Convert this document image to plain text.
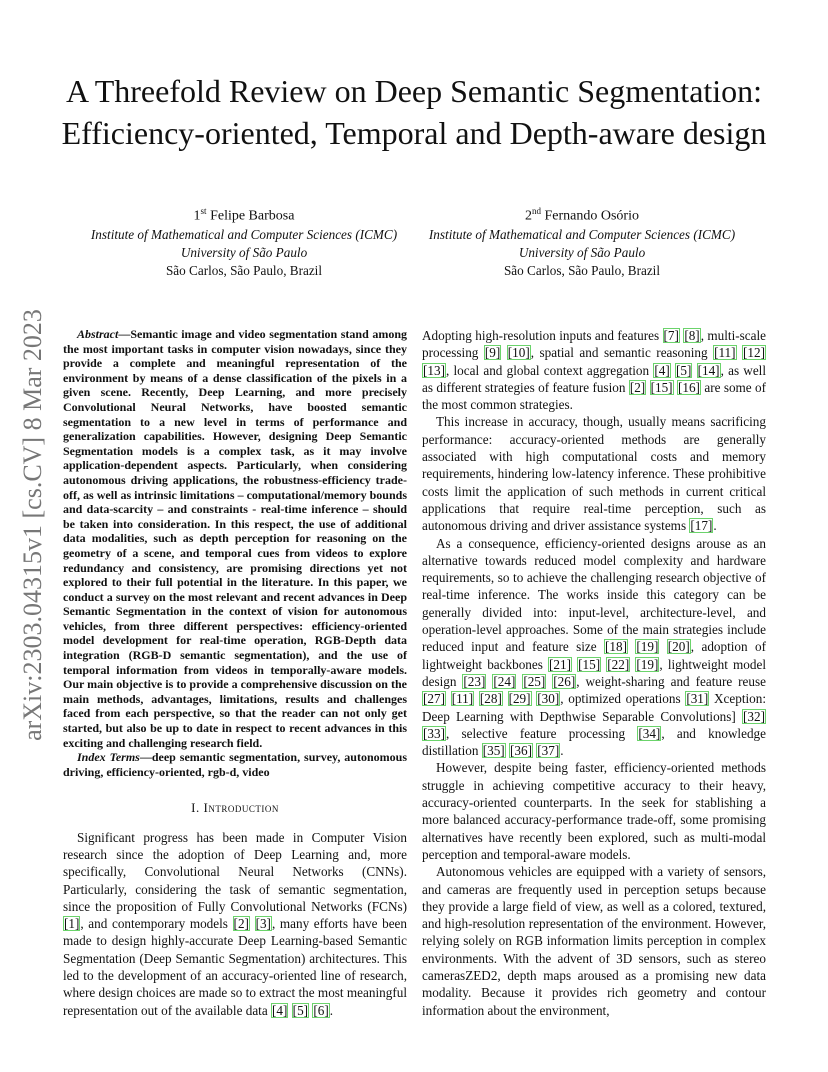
arXiv:2303.04315v1 [cs.CV] 8 Mar 2023
A Threefold Review on Deep Semantic Segmentation: Efficiency-oriented, Temporal and Depth-aware design
1st Felipe Barbosa
Institute of Mathematical and Computer Sciences (ICMC)
University of São Paulo
São Carlos, São Paulo, Brazil
2nd Fernando Osório
Institute of Mathematical and Computer Sciences (ICMC)
University of São Paulo
São Carlos, São Paulo, Brazil

Abstract—Semantic image and video segmentation stand among the most important tasks in computer vision nowadays, since they provide a complete and meaningful representation of the environment by means of a dense classification of the pixels in a given scene. Recently, Deep Learning, and more precisely Convolutional Neural Networks, have boosted semantic segmentation to a new level in terms of performance and generalization capabilities. However, designing Deep Semantic Segmentation models is a complex task, as it may involve application-dependent aspects. Particularly, when considering autonomous driving applications, the robustness-efficiency trade-off, as well as intrinsic limitations – computational/memory bounds and data-scarcity – and constraints - real-time inference – should be taken into consideration. In this respect, the use of additional data modalities, such as depth perception for reasoning on the geometry of a scene, and temporal cues from videos to explore redundancy and consistency, are promising directions yet not explored to their full potential in the literature. In this paper, we conduct a survey on the most relevant and recent advances in Deep Semantic Segmentation in the context of vision for autonomous vehicles, from three different perspectives: efficiency-oriented model development for real-time operation, RGB-Depth data integration (RGB-D semantic segmentation), and the use of temporal information from videos in temporally-aware models. Our main objective is to provide a comprehensive discussion on the main methods, advantages, limitations, results and challenges faced from each perspective, so that the reader can not only get started, but also be up to date in respect to recent advances in this exciting and challenging research field.

Index Terms—deep semantic segmentation, survey, autonomous driving, efficiency-oriented, rgb-d, video

I. Introduction

Significant progress has been made in Computer Vision research since the adoption of Deep Learning and, more specifically, Convolutional Neural Networks (CNNs). Particularly, considering the task of semantic segmentation, since the proposition of Fully Convolutional Networks (FCNs) [1], and contemporary models [2] [3], many efforts have been made to design highly-accurate Deep Learning-based Semantic Segmentation (Deep Semantic Segmentation) architectures. This led to the development of an accuracy-oriented line of research, where design choices are made so to extract the most meaningful representation out of the available data [4] [5] [6].

Adopting high-resolution inputs and features [7] [8], multi-scale processing [9] [10], spatial and semantic reasoning [11] [12] [13], local and global context aggregation [4] [5] [14], as well as different strategies of feature fusion [2] [15] [16] are some of the most common strategies.

This increase in accuracy, though, usually means sacrificing performance: accuracy-oriented methods are generally associated with high computational costs and memory requirements, hindering low-latency inference. These prohibitive costs limit the application of such methods in current critical applications that require real-time perception, such as autonomous driving and driver assistance systems [17].

As a consequence, efficiency-oriented designs arouse as an alternative towards reduced model complexity and hardware requirements, so to achieve the challenging research objective of real-time inference. The works inside this category can be generally divided into: input-level, architecture-level, and operation-level approaches. Some of the main strategies include reduced input and feature size [18] [19] [20], adoption of lightweight backbones [21] [15] [22] [19], lightweight model design [23] [24] [25] [26], weight-sharing and feature reuse [27] [11] [28] [29] [30], optimized operations [31] Xception: Deep Learning with Depthwise Separable Convolutions] [32] [33], selective feature processing [34], and knowledge distillation [35] [36] [37].

However, despite being faster, efficiency-oriented methods struggle in achieving competitive accuracy to their heavy, accuracy-oriented counterparts. In the seek for stablishing a more balanced accuracy-performance trade-off, some promising alternatives have recently been explored, such as multi-modal perception and temporal-aware models.

Autonomous vehicles are equipped with a variety of sensors, and cameras are frequently used in perception setups because they provide a large field of view, as well as a colored, textured, and high-resolution representation of the environment. However, relying solely on RGB information limits perception in complex environments. With the advent of 3D sensors, such as stereo camerasZED2, depth maps aroused as a promising new data modality. Because it provides rich geometry and contour information about the environment,
